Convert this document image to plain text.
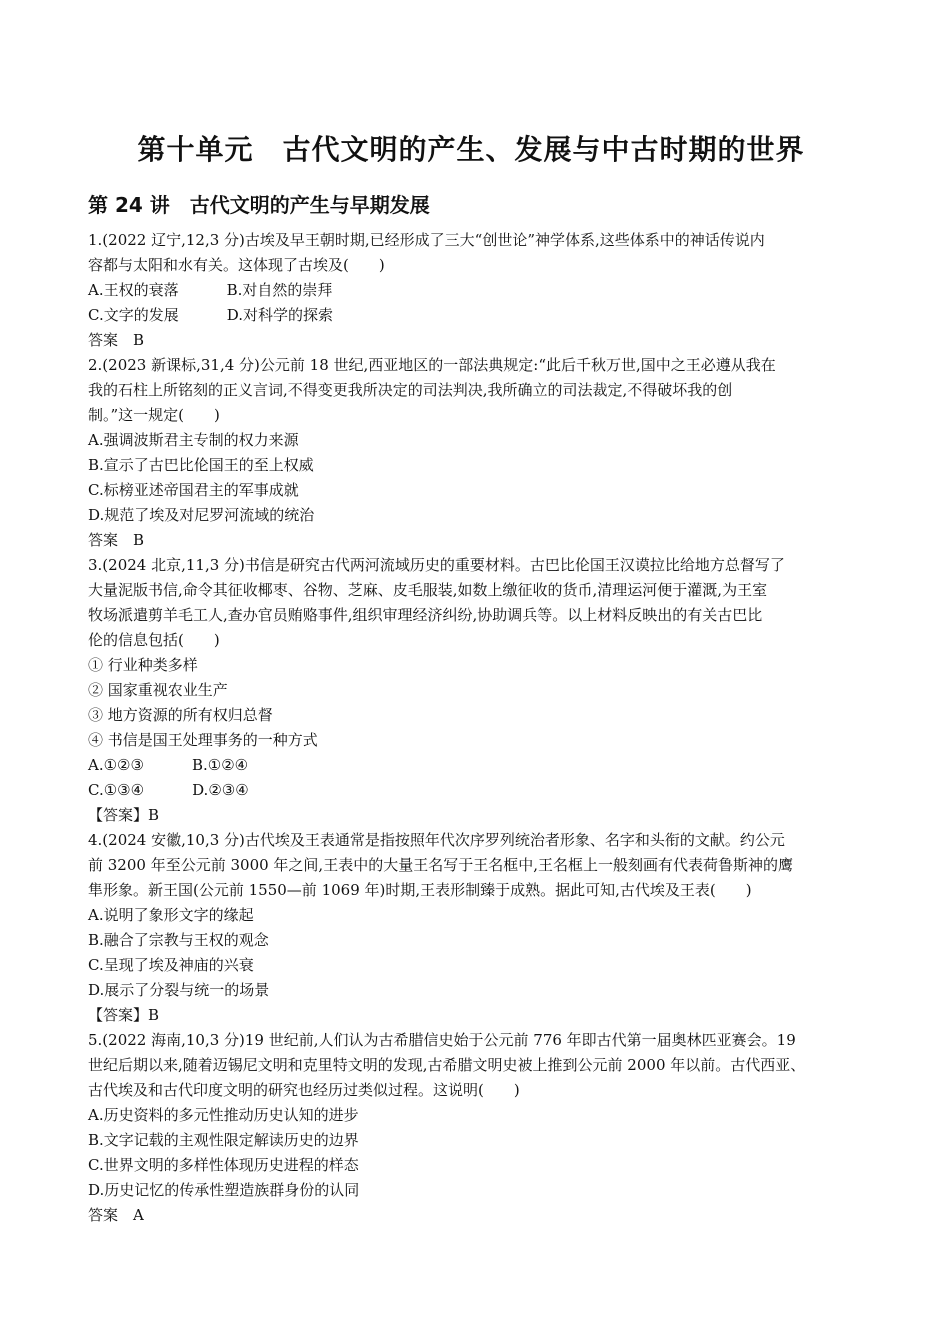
第十单元　古代文明的产生、发展与中古时期的世界
第 24 讲　古代文明的产生与早期发展
1.(2022 辽宁,12,3 分)古埃及早王朝时期,已经形成了三大“创世论”神学体系,这些体系中的神话传说内
容都与太阳和水有关。这体现了古埃及(　　)
A.王权的衰落	B.对自然的崇拜
C.文字的发展	D.对科学的探索
答案　B
2.(2023 新课标,31,4 分)公元前 18 世纪,西亚地区的一部法典规定:“此后千秋万世,国中之王必遵从我在
我的石柱上所铭刻的正义言词,不得变更我所决定的司法判决,我所确立的司法裁定,不得破坏我的创
制。”这一规定(　　)
A.强调波斯君主专制的权力来源
B.宣示了古巴比伦国王的至上权威
C.标榜亚述帝国君主的军事成就
D.规范了埃及对尼罗河流域的统治
答案　B
3.(2024 北京,11,3 分)书信是研究古代两河流域历史的重要材料。古巴比伦国王汉谟拉比给地方总督写了
大量泥版书信,命令其征收椰枣、谷物、芝麻、皮毛服装,如数上缴征收的货币,清理运河便于灌溉,为王室
牧场派遣剪羊毛工人,查办官员贿赂事件,组织审理经济纠纷,协助调兵等。以上材料反映出的有关古巴比
伦的信息包括(　　)
① 行业种类多样
② 国家重视农业生产
③ 地方资源的所有权归总督
④ 书信是国王处理事务的一种方式
A.①②③	B.①②④
C.①③④	D.②③④
【答案】B
4.(2024 安徽,10,3 分)古代埃及王表通常是指按照年代次序罗列统治者形象、名字和头衔的文献。约公元
前 3200 年至公元前 3000 年之间,王表中的大量王名写于王名框中,王名框上一般刻画有代表荷鲁斯神的鹰
隼形象。新王国(公元前 1550—前 1069 年)时期,王表形制臻于成熟。据此可知,古代埃及王表(　　)
A.说明了象形文字的缘起
B.融合了宗教与王权的观念
C.呈现了埃及神庙的兴衰
D.展示了分裂与统一的场景
【答案】B
5.(2022 海南,10,3 分)19 世纪前,人们认为古希腊信史始于公元前 776 年即古代第一届奥林匹亚赛会。19
世纪后期以来,随着迈锡尼文明和克里特文明的发现,古希腊文明史被上推到公元前 2000 年以前。古代西亚、
古代埃及和古代印度文明的研究也经历过类似过程。这说明(　　)
A.历史资料的多元性推动历史认知的进步
B.文字记载的主观性限定解读历史的边界
C.世界文明的多样性体现历史进程的样态
D.历史记忆的传承性塑造族群身份的认同
答案　A
